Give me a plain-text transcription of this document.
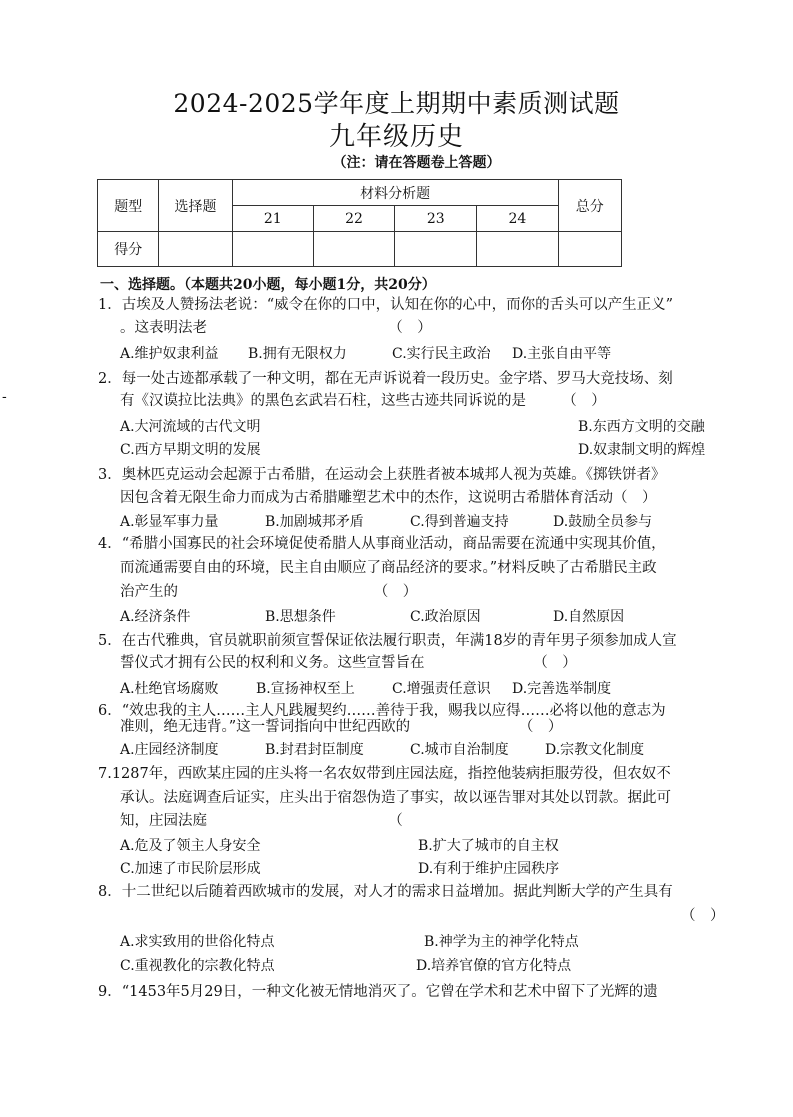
2024-2025学年度上期期中素质测试题
九年级历史
（注：请在答题卷上答题）
题型	选择题	材料分析题				总分
		21	22	23	24	
得分						
-
一、选择题。（本题共20小题，每小题1分，共20分）
1．古埃及人赞扬法老说：“威令在你的口中，认知在你的心中，而你的舌头可以产生正义”
。这表明法老　　　　　　　　　　　　　（　）
A.维护奴隶利益 B.拥有无限权力	C.实行民主政治 D.主张自由平等
2．每一处古迹都承载了一种文明，都在无声诉说着一段历史。金字塔、罗马大竞技场、刻
有《汉谟拉比法典》的黑色玄武岩石柱，这些古迹共同诉说的是　　　（　）
A.大河流域的古代文明	B.东西方文明的交融
C.西方早期文明的发展	D.奴隶制文明的辉煌
3．奥林匹克运动会起源于古希腊，在运动会上获胜者被本城邦人视为英雄。《掷铁饼者》
因包含着无限生命力而成为古希腊雕塑艺术中的杰作，这说明古希腊体育活动（　）
A.彰显军事力量	B.加剧城邦矛盾	C.得到普遍支持	D.鼓励全员参与
4．“希腊小国寡民的社会环境促使希腊人从事商业活动，商品需要在流通中实现其价值，
而流通需要自由的环境，民主自由顺应了商品经济的要求。”材料反映了古希腊民主政
治产生的　　　　　　　　　　　　　　（　）
A.经济条件	B.思想条件	C.政治原因	D.自然原因
5．在古代雅典，官员就职前须宣誓保证依法履行职责，年满18岁的青年男子须参加成人宣
誓仪式才拥有公民的权利和义务。这些宣誓旨在　　　　　　　　（　）
A.杜绝官场腐败	B.宣扬神权至上	C.增强责任意识 D.完善选举制度
6．“效忠我的主人……主人凡践履契约……善待于我，赐我以应得……必将以他的意志为
准则，绝无违背。”这一誓词指向中世纪西欧的　　　　　　　　（　）
A.庄园经济制度	B.封君封臣制度	C.城市自治制度	D.宗教文化制度
7.1287年，西欧某庄园的庄头将一名农奴带到庄园法庭，指控他装病拒服劳役，但农奴不
承认。法庭调查后证实，庄头出于宿怨伪造了事实，故以诬告罪对其处以罚款。据此可
知，庄园法庭　　　　　　　　　　　　　（
A.危及了领主人身安全	B.扩大了城市的自主权
C.加速了市民阶层形成	D.有利于维护庄园秩序
8．十二世纪以后随着西欧城市的发展，对人才的需求日益增加。据此判断大学的产生具有
（　）
A.求实致用的世俗化特点	B.神学为主的神学化特点
C.重视教化的宗教化特点	D.培养官僚的官方化特点
9．“1453年5月29日，一种文化被无情地消灭了。它曾在学术和艺术中留下了光辉的遗
